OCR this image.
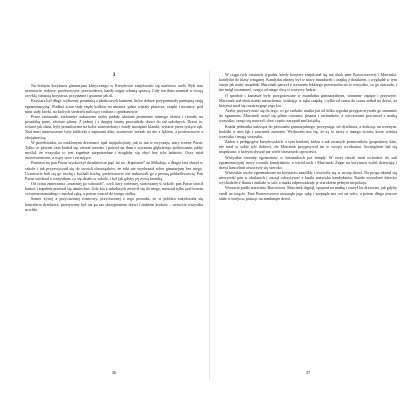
3

Na dolnym korytarzu gimnazjum klasycznego w Kieryłowie znajdowało się mnóstwo osób. Byli tam uczniowie, rodzice, profesorowie, przewodnicy, każdy zajęty własną sprawą. Cały ten tłum szumiał w swoją zwykłą ciasnotą korytarza, przyjaźnie i gwarnie jak ul.

Korytarz był długi, wyłożony posadzką z płaskowych kamieni, które dobrze przypominały pamiętną sesję egzaminacyjną. Wzdłuż ścian stały rzędy kołków na ubrania, gdzie wisiały płaszcze, czapki i tornistry, pod nimi stały ławki, na których siedzieli milczący rodzice i opiekunowie.

Przez zastarzałe, zielonawe zakurzone szyby padały ukośnie promienie rannego słońca i rzucały na posadzkę jasne, złociste plamy. Z jednej i z drugiej strony prowadziły drzwi do sal szkolnych. Drzwi te, równie jak okna, były pomalowane na kolor szarozielony i miały mosiężne klamki, wytarte przez tysiące rąk. Nad nimi umieszczone były tabliczki z napisami klas, uczniowie zerkali na nie z lękiem, a profesorowie z obojętnością.

W przedsionku, za oszklonymi drzwiami, spał najspokojniej, jak to ma w zwyczaju, stary woźny Pazur. Tylko co pewien czas budził się, ziewał szeroko i patrzył na tłum z wyrazem głębokiego politowania, jakby myślał, że wszystko to jest zupełnie niepotrzebne i mogłoby się obyć bez tylu hałasów. Oczy miał zaczerwienione, a wąsy siwe i zwisające.

Pomimo na pan Pazur wyskoczył dwadzieścia pięć lat na „Kapitanie” za Mikołaja, a długie lata służył w szkole i tak przyzwyczaił się do swoich obowiązków, że nikt nie wyobrażał sobie gimnazjum bez niego. Uczniowie bali się go trochę i kochali trochę, profesorowie zaś traktowali go z pewną pobłażliwością. Pan Pazur wiedział o wszystkim, co się działo w szkole, i był jak gdyby jej żywą kroniką.

Od czasu zmierzania „ostatniej po sobotach”, czyli kary cielesnej, stosowanej w szkole, pan Pazur stracił humor i zupełnie przestał się uśmiechać. Gdy kto z młodszych zwrócił się do niego, mruczał tylko pod nosem coś niezrozumiałego i machał ręką, a potem wracał do swego stołka.

Szmer żywej a przyciszonej rozmowy, przyciszonej z tego powodu, że w pobliżu znajdowała się kancelaria dyrektora, przerywany był raz po raz skrzypieniem drzwi i stukiem kroków – wreszcie wszystko ucichło.

36

W ciągu tych ostatnich tygodni, kiedy korytarz znajdował się tuż obok pani Borowiczowej i Marcinka, kandydat do klasy wstępnej. Kandydat ubrany był w nowy mundurek i czapkę z daszkiem, i wyglądał w tym stroju jak mały urzędnik. Marcinek patrzył z wyrazem lekkiego przestrachu na to wszystko, co go otaczało, i nie mógł zrozumieć, czego od niego chcą ci wszyscy ludzie.

O spodnie i kamasze były przygotowane w mundurku gimnazjalnym, starannie zapięte i przyszyte. Marcinek stał obok matki nieruchomo, ściskając w ręku czapkę, i tylko od czasu do czasu zerkał na drzwi, za którymi miał się rozstrzygnąć jego los.

Ażeby przyzwyczaić się do tego, co go czekało, matka już od kilku tygodni przygotowywała go starannie do egzaminu. Marcinek uczył się pilnie czytania, pisania i rachunków, a wieczorami powtarzał z matką wszystko, czego się nauczył, choć często zasypiał nad książką.

Każda jednostka należąca do personelu gimnazjalnego, poczynając od dyrektora, a kończąc na woźnym, budziła w nim lęk i szacunek zarazem. Wydawało mu się, że są to istoty z innego świata, które wiedzą wszystko i mogą wszystko.

Żaden z pedagogów kieryłowskich, a tym bardziej żaden z tak zwanych pomocników gospodarzy klas, nie miał w sobie tyle dobroci, ile Marcinek przypisywał im w swojej wyobraźni. Szczególnie bał się inspektora, o którym słyszał już wiele strasznych opowieści.

Wszystkie terminy egzaminów w dziennikach już minęły. W owej chwili miał wchodzić do sali egzaminacyjnej nowy rocznik kandydatów, a wśród nich i Marcinek. Zegar na korytarzu wybił dziewiątą i drzwi kancelarii otworzyły się szeroko.

Wszystkie osoby zgromadzone na korytarzu zamilkły i zwróciły się w stronę drzwi. Na progu ukazał się niewysoki pan w okularach i zaczął odczytywać z kartki nazwiska kandydatów. Każde wywołane dziecko wychodziło z tłumu i znikało w sali, a matki odprowadzały je wzrokiem pełnym niepokoju.

Wreszcie padło nazwisko Borowicza. Marcinek drgnął, spojrzał na matkę i ruszył ku drzwiom, jak gdyby szedł na ścięcie. Pani Borowiczowa uścisnęła jego rękę i szepnęła mu coś na ucho, a potem długo jeszcze stała w miejscu, patrząc na zamknięte drzwi.

37
